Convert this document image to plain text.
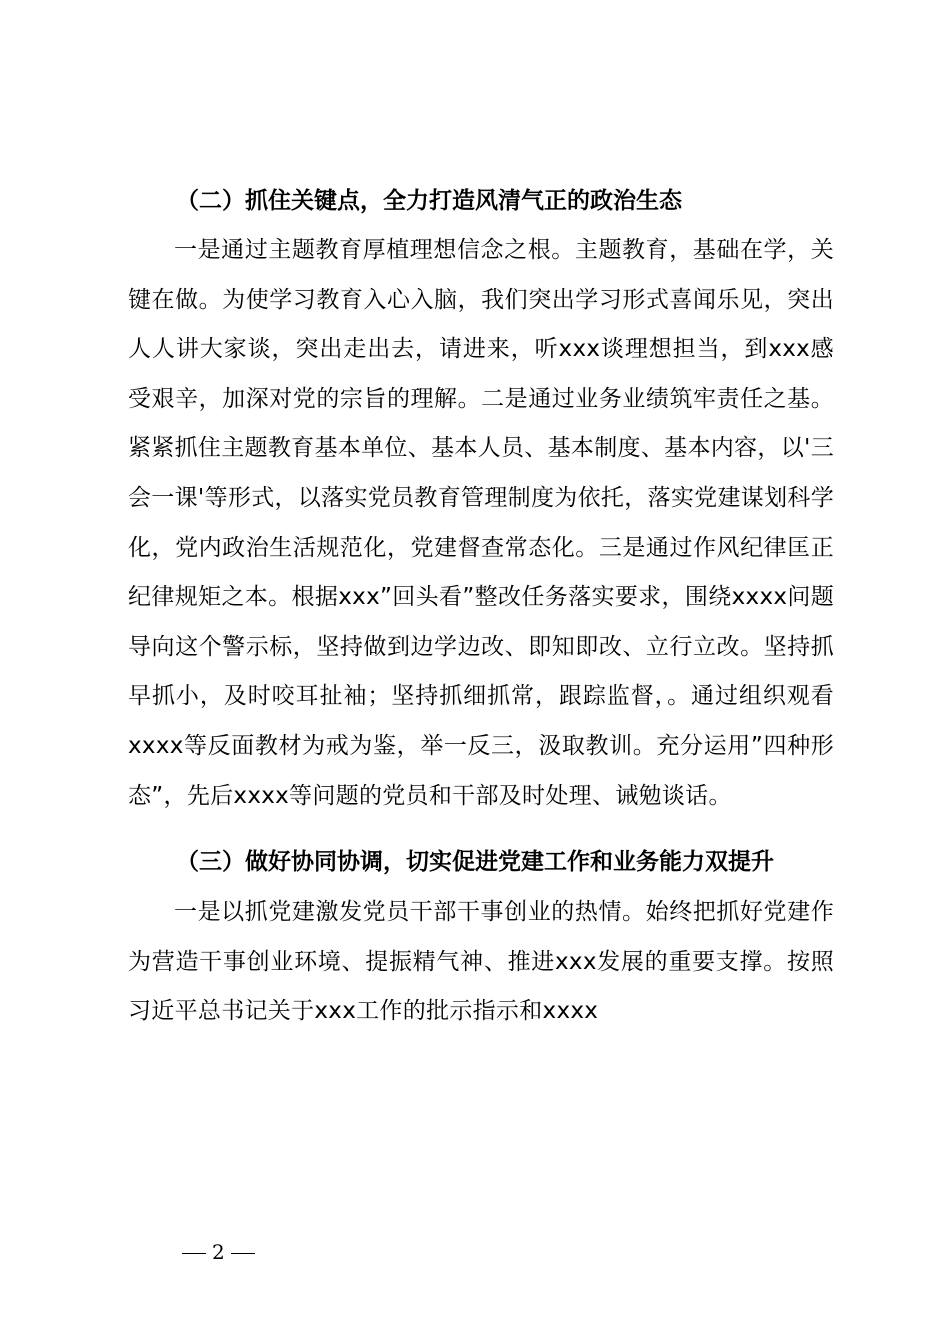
（二）抓住关键点，全力打造风清气正的政治生态

一是通过主题教育厚植理想信念之根。主题教育，基础在学，关键在做。为使学习教育入心入脑，我们突出学习形式喜闻乐见，突出人人讲大家谈，突出走出去，请进来，听xxx谈理想担当，到xxx感受艰辛，加深对党的宗旨的理解。二是通过业务业绩筑牢责任之基。紧紧抓住主题教育基本单位、基本人员、基本制度、基本内容，以'三会一课'等形式，以落实党员教育管理制度为依托，落实党建谋划科学化，党内政治生活规范化，党建督查常态化。三是通过作风纪律匡正纪律规矩之本。根据xxx”回头看”整改任务落实要求，围绕xxxx问题导向这个警示标，坚持做到边学边改、即知即改、立行立改。坚持抓早抓小，及时咬耳扯袖；坚持抓细抓常，跟踪监督，。通过组织观看xxxx等反面教材为戒为鉴，举一反三，汲取教训。充分运用”四种形态”，先后xxxx等问题的党员和干部及时处理、诫勉谈话。

（三）做好协同协调，切实促进党建工作和业务能力双提升

一是以抓党建激发党员干部干事创业的热情。始终把抓好党建作为营造干事创业环境、提振精气神、推进xxx发展的重要支撑。按照习近平总书记关于xxx工作的批示指示和xxxx

2
